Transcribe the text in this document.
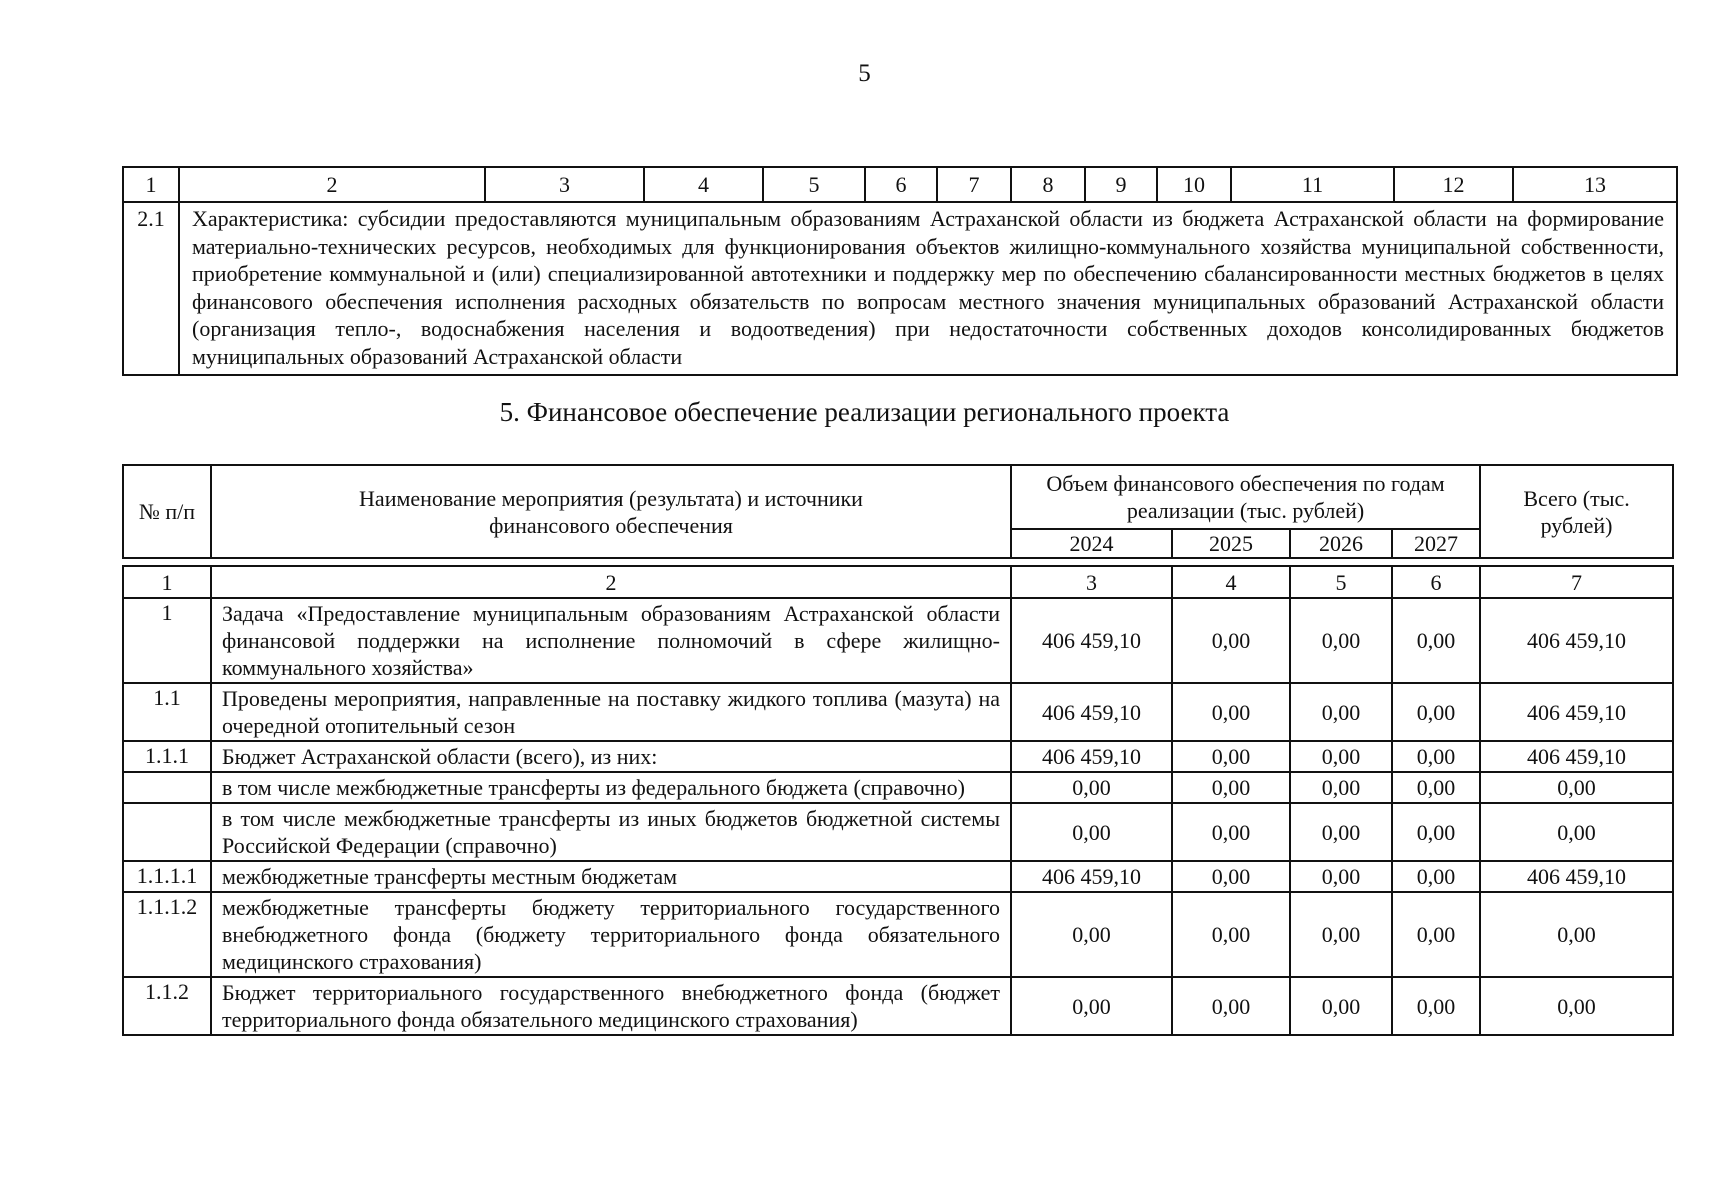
5
1	2	3	4	5	6	7	8	9	10	11	12	13
2.1	Характеристика: субсидии предоставляются муниципальным образованиям Астраханской области из бюджета Астраханской области на формирование материально-технических ресурсов, необходимых для функционирования объектов жилищно-коммунального хозяйства муниципальной собственности, приобретение коммунальной и (или) специализированной автотехники и поддержку мер по обеспечению сбалансированности местных бюджетов в целях финансового обеспечения исполнения расходных обязательств по вопросам местного значения муниципальных образований Астраханской области (организация тепло-, водоснабжения населения и водоотведения) при недостаточности собственных доходов консолидированных бюджетов муниципальных образований Астраханской области											
5. Финансовое обеспечение реализации регионального проекта
№ п/п	Наименование мероприятия (результата) и источники финансового обеспечения	Объем финансового обеспечения по годам реализации (тыс. рублей)				Всего (тыс. рублей)
		2024	2025	2026	2027	

1	2	3	4	5	6	7
1	Задача «Предоставление муниципальным образованиям Астраханской области финансовой поддержки на исполнение полномочий в сфере жилищно-коммунального хозяйства»	406 459,10	0,00	0,00	0,00	406 459,10
1.1	Проведены мероприятия, направленные на поставку жидкого топлива (мазута) на очередной отопительный сезон	406 459,10	0,00	0,00	0,00	406 459,10
1.1.1	Бюджет Астраханской области (всего), из них:	406 459,10	0,00	0,00	0,00	406 459,10
	в том числе межбюджетные трансферты из федерального бюджета (справочно)	0,00	0,00	0,00	0,00	0,00
	в том числе межбюджетные трансферты из иных бюджетов бюджетной системы Российской Федерации (справочно)	0,00	0,00	0,00	0,00	0,00
1.1.1.1	межбюджетные трансферты местным бюджетам	406 459,10	0,00	0,00	0,00	406 459,10
1.1.1.2	межбюджетные трансферты бюджету территориального государственного внебюджетного фонда (бюджету территориального фонда обязательного медицинского страхования)	0,00	0,00	0,00	0,00	0,00
1.1.2	Бюджет территориального государственного внебюджетного фонда (бюджет территориального фонда обязательного медицинского страхования)	0,00	0,00	0,00	0,00	0,00
